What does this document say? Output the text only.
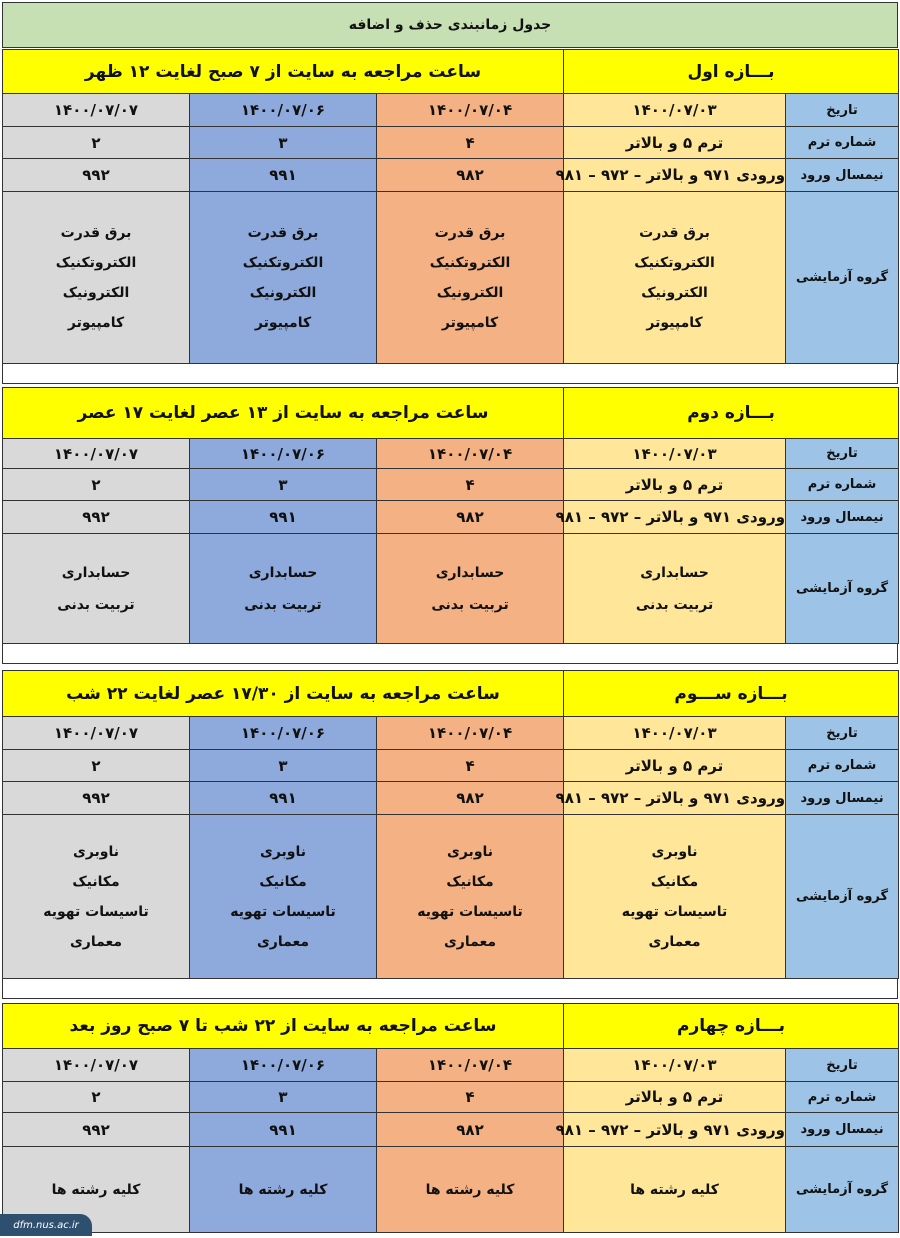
جدول زمانبندی حذف و اضافه
ساعت مراجعه به سایت از ۷ صبح لغایت ۱۲ ظهر			بـــازه اول	
۱۴۰۰/۰۷/۰۷	۱۴۰۰/۰۷/۰۶	۱۴۰۰/۰۷/۰۴	۱۴۰۰/۰۷/۰۳	تاریخ
۲	۳	۴	ترم ۵ و بالاتر	شماره ترم
۹۹۲	۹۹۱	۹۸۲	ورودی ۹۷۱ و بالاتر – ۹۷۲ – ۹۸۱	نیمسال ورود

برق قدرت
الکتروتکنیک
الکترونیک
کامپیوتر	برق قدرت
الکتروتکنیک
الکترونیک
کامپیوتر	برق قدرت
الکتروتکنیک
الکترونیک
کامپیوتر	برق قدرت
الکتروتکنیک
الکترونیک
کامپیوتر	گروه آزمایشی
ساعت مراجعه به سایت از ۱۳ عصر لغایت ۱۷ عصر			بـــازه دوم	
۱۴۰۰/۰۷/۰۷	۱۴۰۰/۰۷/۰۶	۱۴۰۰/۰۷/۰۴	۱۴۰۰/۰۷/۰۳	تاریخ
۲	۳	۴	ترم ۵ و بالاتر	شماره ترم
۹۹۲	۹۹۱	۹۸۲	ورودی ۹۷۱ و بالاتر – ۹۷۲ – ۹۸۱	نیمسال ورود

حسابداری
تربیت بدنی	حسابداری
تربیت بدنی	حسابداری
تربیت بدنی	حسابداری
تربیت بدنی	گروه آزمایشی
ساعت مراجعه به سایت از ۱۷/۳۰ عصر لغایت ۲۲ شب			بـــازه ســـوم	
۱۴۰۰/۰۷/۰۷	۱۴۰۰/۰۷/۰۶	۱۴۰۰/۰۷/۰۴	۱۴۰۰/۰۷/۰۳	تاریخ
۲	۳	۴	ترم ۵ و بالاتر	شماره ترم
۹۹۲	۹۹۱	۹۸۲	ورودی ۹۷۱ و بالاتر – ۹۷۲ – ۹۸۱	نیمسال ورود

ناوبری
مکانیک
تاسیسات تهویه
معماری	ناوبری
مکانیک
تاسیسات تهویه
معماری	ناوبری
مکانیک
تاسیسات تهویه
معماری	ناوبری
مکانیک
تاسیسات تهویه
معماری	گروه آزمایشی
ساعت مراجعه به سایت از ۲۲ شب تا ۷ صبح روز بعد			بـــازه چهارم	
۱۴۰۰/۰۷/۰۷	۱۴۰۰/۰۷/۰۶	۱۴۰۰/۰۷/۰۴	۱۴۰۰/۰۷/۰۳	تاریخ
۲	۳	۴	ترم ۵ و بالاتر	شماره ترم
۹۹۲	۹۹۱	۹۸۲	ورودی ۹۷۱ و بالاتر – ۹۷۲ – ۹۸۱	نیمسال ورود

کلیه رشته ها	کلیه رشته ها	کلیه رشته ها	کلیه رشته ها	گروه آزمایشی
dfm.nus.ac.ir
